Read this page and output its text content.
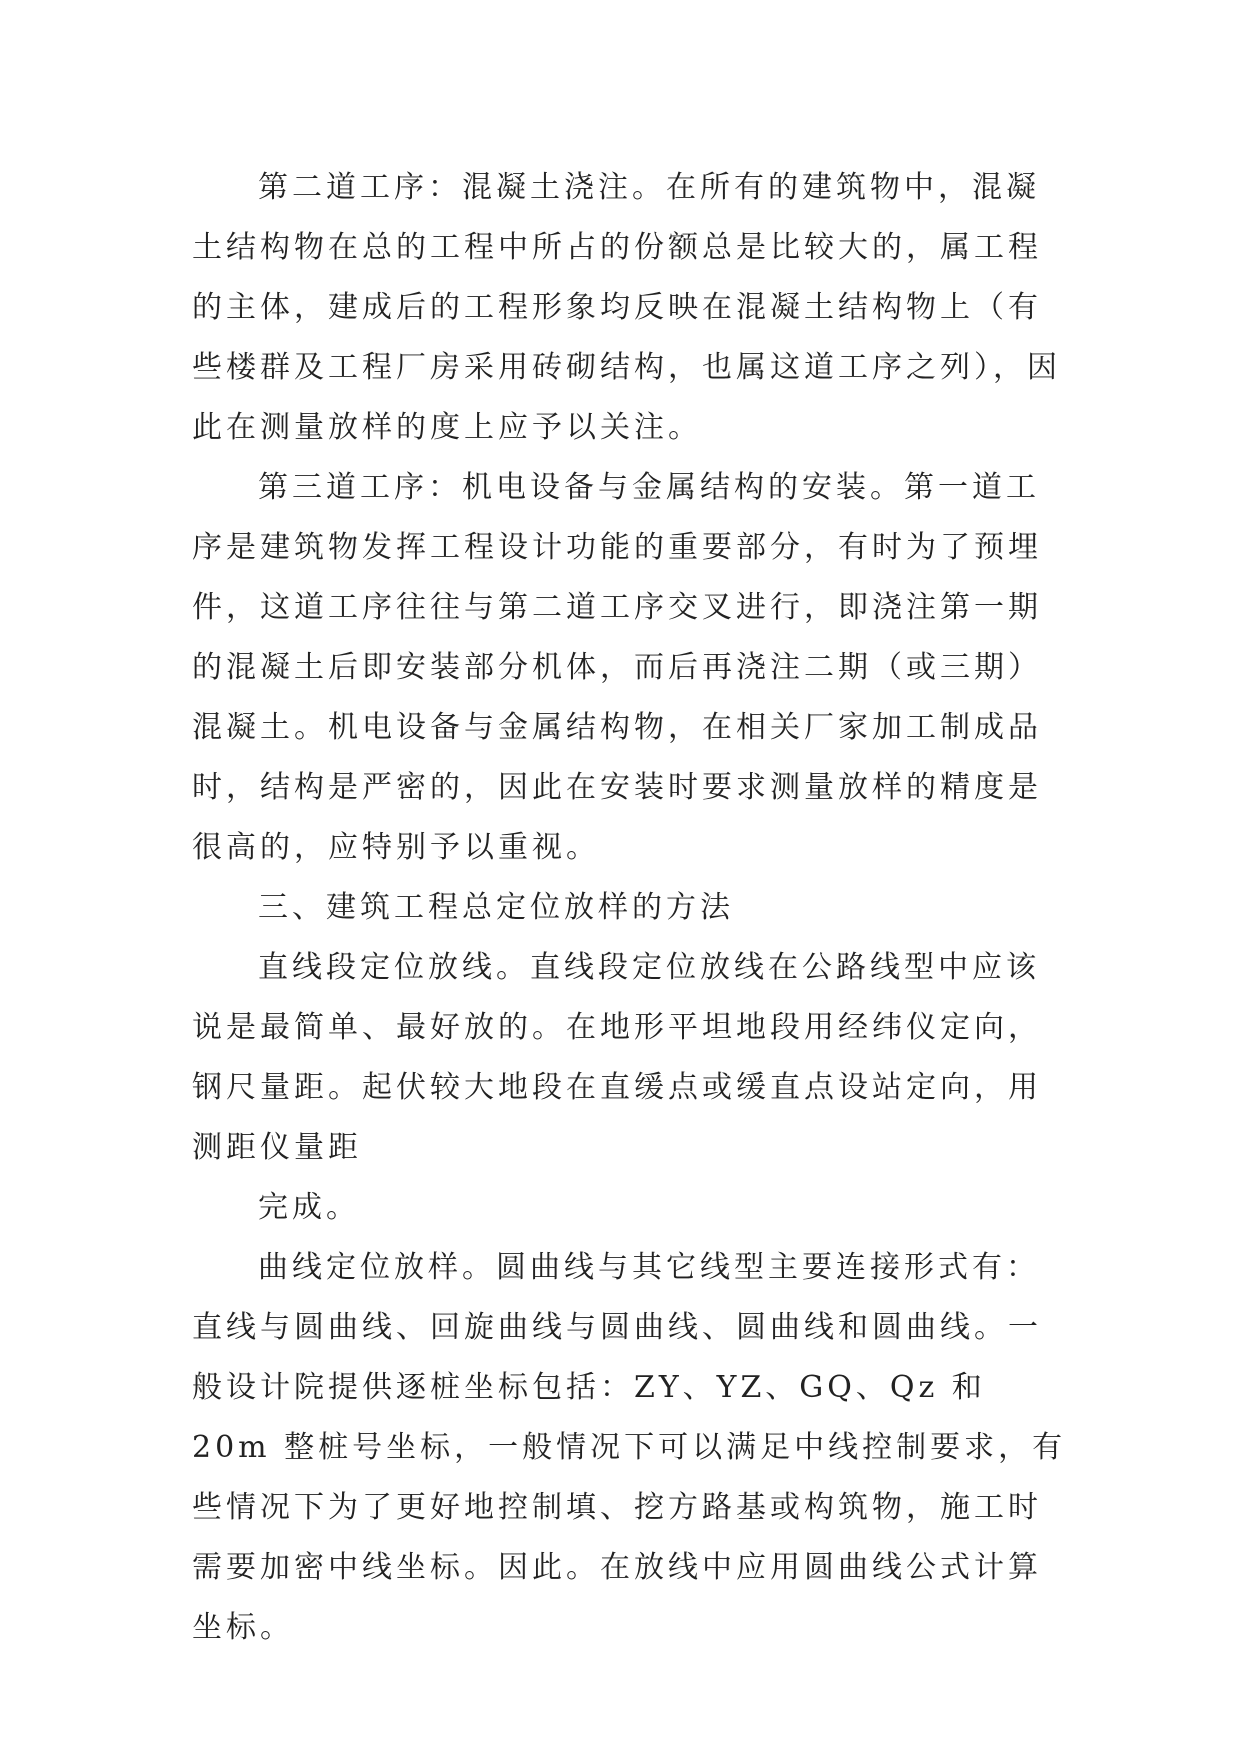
第二道工序：混凝土浇注。在所有的建筑物中，混凝土结构物在总的工程中所占的份额总是比较大的，属工程的主体，建成后的工程形象均反映在混凝土结构物上（有些楼群及工程厂房采用砖砌结构，也属这道工序之列），因此在测量放样的度上应予以关注。

第三道工序：机电设备与金属结构的安装。第一道工序是建筑物发挥工程设计功能的重要部分，有时为了预埋件，这道工序往往与第二道工序交叉进行，即浇注第一期的混凝土后即安装部分机体，而后再浇注二期（或三期）混凝土。机电设备与金属结构物，在相关厂家加工制成品时，结构是严密的，因此在安装时要求测量放样的精度是很高的，应特别予以重视。

三、建筑工程总定位放样的方法

直线段定位放线。直线段定位放线在公路线型中应该说是最简单、最好放的。在地形平坦地段用经纬仪定向，钢尺量距。起伏较大地段在直缓点或缓直点设站定向，用测距仪量距

完成。

曲线定位放样。圆曲线与其它线型主要连接形式有：直线与圆曲线、回旋曲线与圆曲线、圆曲线和圆曲线。一般设计院提供逐桩坐标包括：ZY、YZ、GQ、Qz 和 20m 整桩号坐标，一般情况下可以满足中线控制要求，有些情况下为了更好地控制填、挖方路基或构筑物，施工时需要加密中线坐标。因此。在放线中应用圆曲线公式计算坐标。
